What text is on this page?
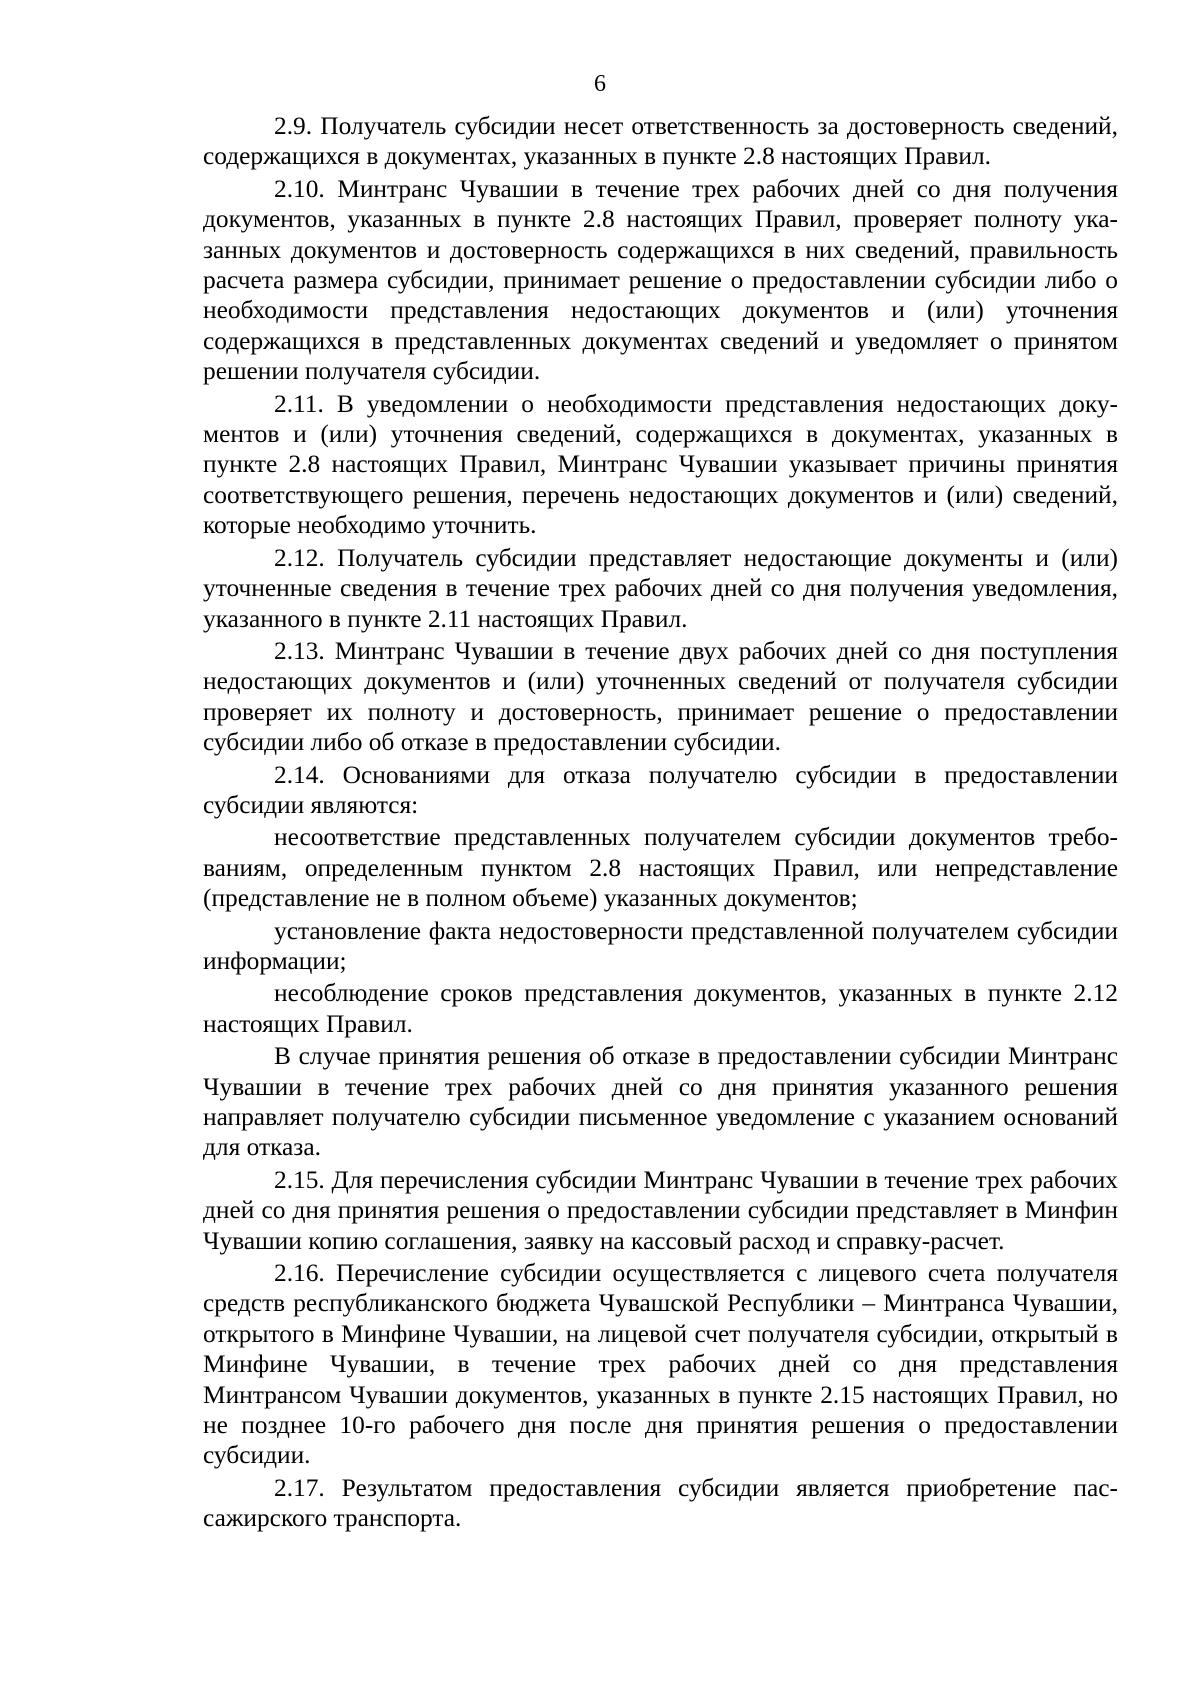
6

2.9. Получатель субсидии несет ответственность за достоверность сведений, содержащихся в документах, указанных в пункте 2.8 настоящих Правил.

2.10. Минтранс Чувашии в течение трех рабочих дней со дня получения документов, указанных в пункте 2.8 настоящих Правил, проверяет полноту указанных документов и достоверность содержащихся в них сведений, правильность расчета размера субсидии, принимает решение о предоставлении субсидии либо о необходимости представления недостающих документов и (или) уточнения содержащихся в представленных документах сведений и уведомляет о принятом решении получателя субсидии.

2.11. В уведомлении о необходимости представления недостающих документов и (или) уточнения сведений, содержащихся в документах, указанных в пункте 2.8 настоящих Правил, Минтранс Чувашии указывает причины принятия соответствующего решения, перечень недостающих документов и (или) сведений, которые необходимо уточнить.

2.12. Получатель субсидии представляет недостающие документы и (или) уточненные сведения в течение трех рабочих дней со дня получения уведомления, указанного в пункте 2.11 настоящих Правил.

2.13. Минтранс Чувашии в течение двух рабочих дней со дня поступления недостающих документов и (или) уточненных сведений от получателя субсидии проверяет их полноту и достоверность, принимает решение о предоставлении субсидии либо об отказе в предоставлении субсидии.

2.14. Основаниями для отказа получателю субсидии в предоставлении субсидии являются:

несоответствие представленных получателем субсидии документов требованиям, определенным пунктом 2.8 настоящих Правил, или непредставление (представление не в полном объеме) указанных документов;

установление факта недостоверности представленной получателем субсидии информации;

несоблюдение сроков представления документов, указанных в пункте 2.12 настоящих Правил.

В случае принятия решения об отказе в предоставлении субсидии Минтранс Чувашии в течение трех рабочих дней со дня принятия указанного решения направляет получателю субсидии письменное уведомление с указанием оснований для отказа.

2.15. Для перечисления субсидии Минтранс Чувашии в течение трех рабочих дней со дня принятия решения о предоставлении субсидии представляет в Минфин Чувашии копию соглашения, заявку на кассовый расход и справку-расчет.

2.16. Перечисление субсидии осуществляется с лицевого счета получателя средств республиканского бюджета Чувашской Республики – Минтранса Чувашии, открытого в Минфине Чувашии, на лицевой счет получателя субсидии, открытый в Минфине Чувашии, в течение трех рабочих дней со дня представления Минтрансом Чувашии документов, указанных в пункте 2.15 настоящих Правил, но не позднее 10-го рабочего дня после дня принятия решения о предоставлении субсидии.

2.17. Результатом предоставления субсидии является приобретение пассажирского транспорта.
